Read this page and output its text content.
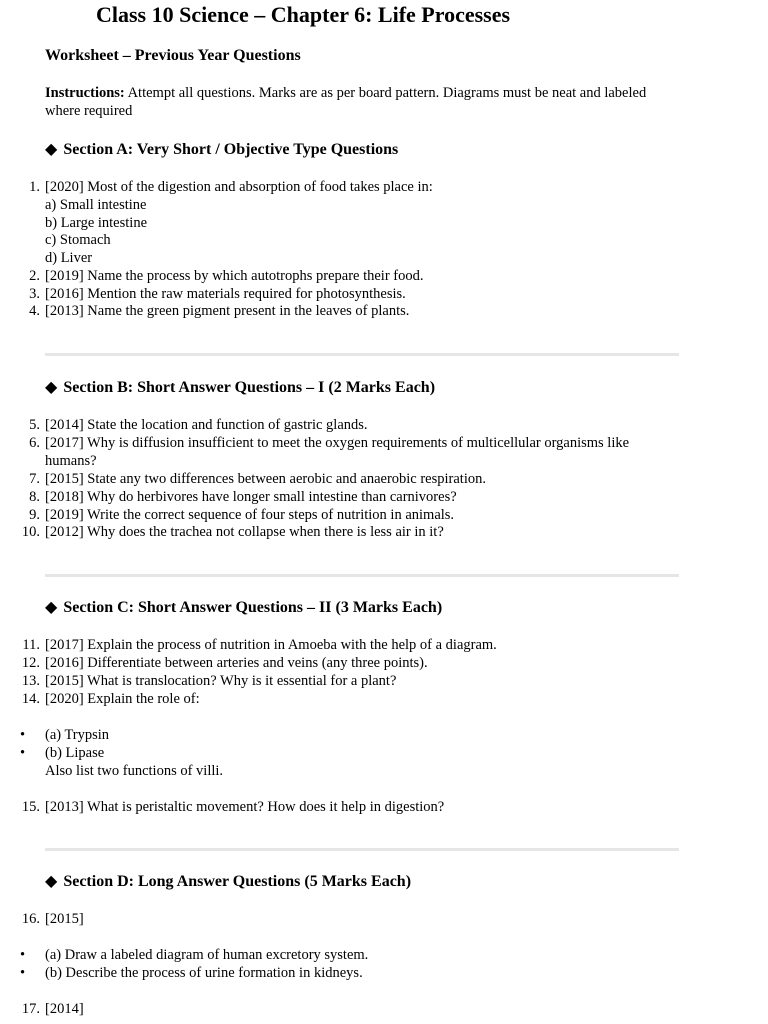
Class 10 Science – Chapter 6: Life Processes
Worksheet – Previous Year Questions
Instructions: Attempt all questions. Marks are as per board pattern. Diagrams must be neat and labeled where required
◆ Section A: Very Short / Objective Type Questions
1. [2020] Most of the digestion and absorption of food takes place in:
a) Small intestine
b) Large intestine
c) Stomach
d) Liver
2. [2019] Name the process by which autotrophs prepare their food.
3. [2016] Mention the raw materials required for photosynthesis.
4. [2013] Name the green pigment present in the leaves of plants.
◆ Section B: Short Answer Questions – I (2 Marks Each)
5. [2014] State the location and function of gastric glands.
6. [2017] Why is diffusion insufficient to meet the oxygen requirements of multicellular organisms like humans?
7. [2015] State any two differences between aerobic and anaerobic respiration.
8. [2018] Why do herbivores have longer small intestine than carnivores?
9. [2019] Write the correct sequence of four steps of nutrition in animals.
10. [2012] Why does the trachea not collapse when there is less air in it?
◆ Section C: Short Answer Questions – II (3 Marks Each)
11. [2017] Explain the process of nutrition in Amoeba with the help of a diagram.
12. [2016] Differentiate between arteries and veins (any three points).
13. [2015] What is translocation? Why is it essential for a plant?
14. [2020] Explain the role of:
• (a) Trypsin
• (b) Lipase
Also list two functions of villi.
15. [2013] What is peristaltic movement? How does it help in digestion?
◆ Section D: Long Answer Questions (5 Marks Each)
16. [2015]
• (a) Draw a labeled diagram of human excretory system.
• (b) Describe the process of urine formation in kidneys.
17. [2014]
